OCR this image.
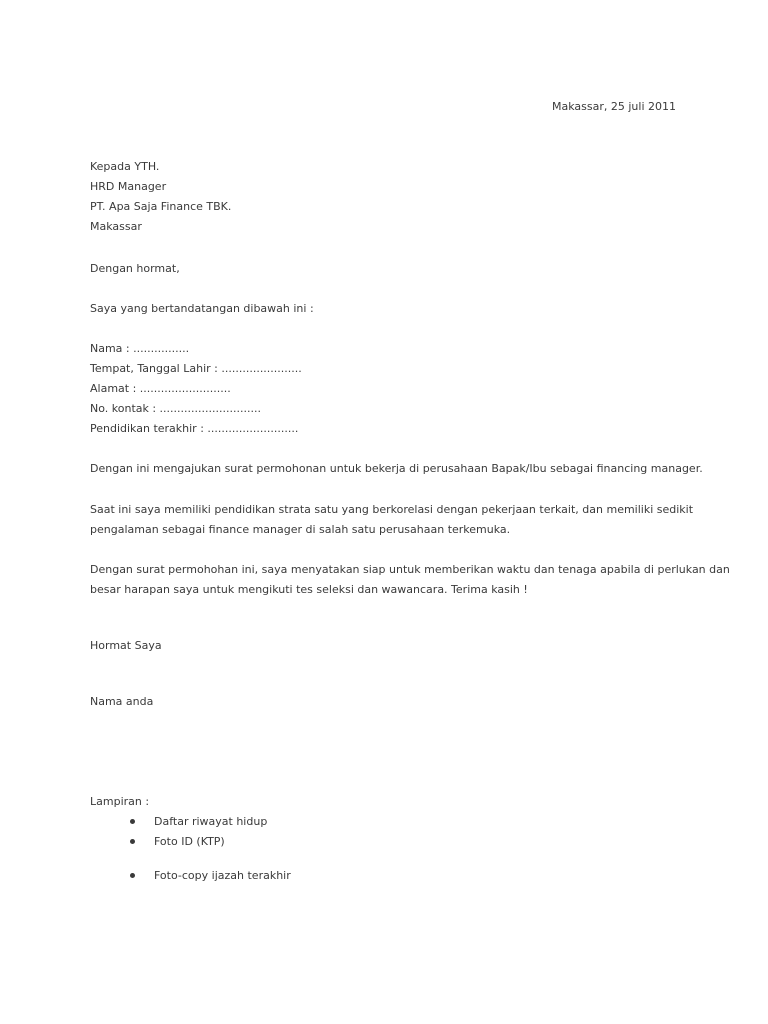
Makassar, 25 juli 2011
Kepada YTH.
HRD Manager
PT. Apa Saja Finance TBK.
Makassar
Dengan hormat,
Saya yang bertandatangan dibawah ini :
Nama : ................
Tempat, Tanggal Lahir : .......................
Alamat : ..........................
No. kontak : .............................
Pendidikan terakhir : ..........................
Dengan ini mengajukan surat permohonan untuk bekerja di perusahaan Bapak/Ibu sebagai financing manager.
Saat ini saya memiliki pendidikan strata satu yang berkorelasi dengan pekerjaan terkait, dan memiliki sedikit
pengalaman sebagai finance manager di salah satu perusahaan terkemuka.
Dengan surat permohohan ini, saya menyatakan siap untuk memberikan waktu dan tenaga apabila di perlukan dan
besar harapan saya untuk mengikuti tes seleksi dan wawancara. Terima kasih !
Hormat Saya
Nama anda
Lampiran :
Daftar riwayat hidup
Foto ID (KTP)
Foto-copy ijazah terakhir
